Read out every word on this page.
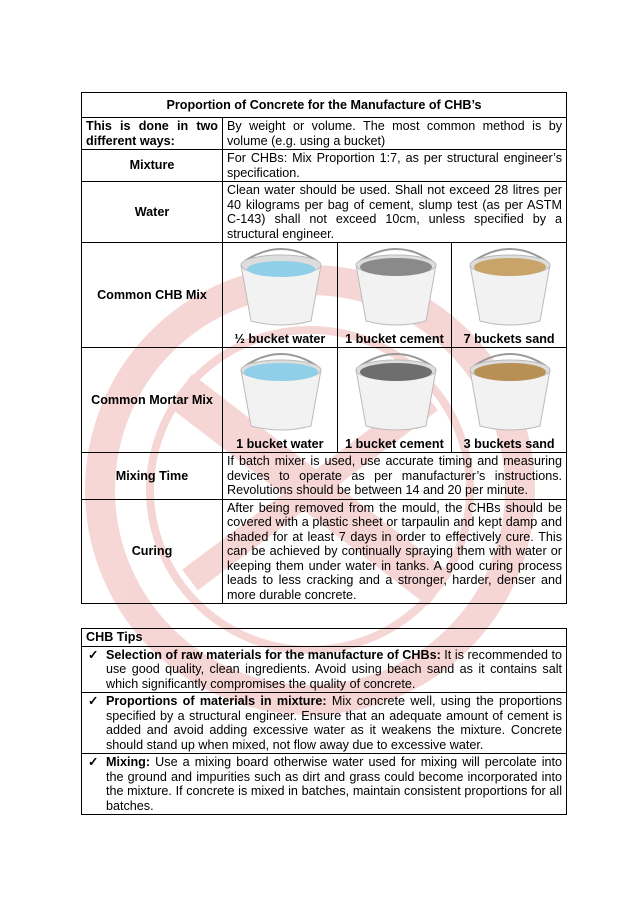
Proportion of Concrete for the Manufacture of CHB’s			
This is done in two different ways:	By weight or volume. The most common method is by volume (e.g. using a bucket)		
Mixture	For CHBs: Mix Proportion 1:7, as per structural engineer’s specification.		
Water	Clean water should be used. Shall not exceed 28 litres per 40 kilograms per bag of cement, slump test (as per ASTM C-143) shall not exceed 10cm, unless specified by a structural engineer.		
Common CHB Mix	½ bucket water	1 bucket cement	7 buckets sand

Common Mortar Mix	1 bucket water	1 bucket cement	3 buckets sand

Mixing Time	If batch mixer is used, use accurate timing and measuring devices to operate as per manufacturer’s instructions. Revolutions should be between 14 and 20 per minute.		
Curing	After being removed from the mould, the CHBs should be covered with a plastic sheet or tarpaulin and kept damp and shaded for at least 7 days in order to effectively cure. This can be achieved by continually spraying them with water or keeping them under water in tanks. A good curing process leads to less cracking and a stronger, harder, denser and more durable concrete.		
CHB Tips

✓ Selection of raw materials for the manufacture of CHBs: It is recommended to use good quality, clean ingredients. Avoid using beach sand as it contains salt which significantly compromises the quality of concrete.

✓ Proportions of materials in mixture: Mix concrete well, using the proportions specified by a structural engineer. Ensure that an adequate amount of cement is added and avoid adding excessive water as it weakens the mixture. Concrete should stand up when mixed, not flow away due to excessive water.

✓ Mixing: Use a mixing board otherwise water used for mixing will percolate into the ground and impurities such as dirt and grass could become incorporated into the mixture. If concrete is mixed in batches, maintain consistent proportions for all batches.
